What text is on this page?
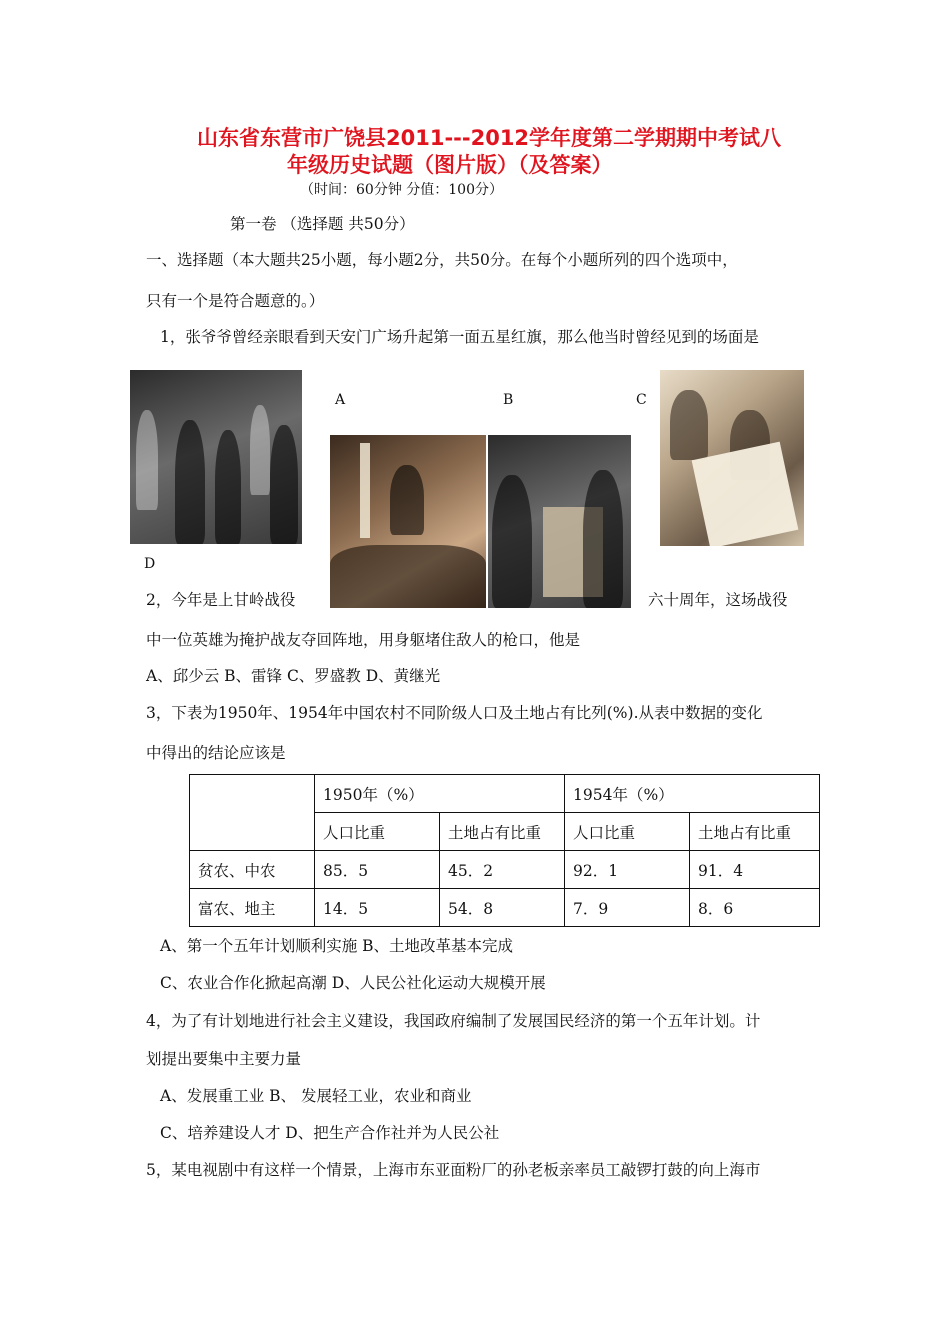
山东省东营市广饶县2011---2012学年度第二学期期中考试八
年级历史试题（图片版）（及答案）
（时间：60分钟 分值：100分）
第一卷 （选择题 共50分）
一、选择题（本大题共25小题，每小题2分，共50分。在每个小题所列的四个选项中，
只有一个是符合题意的。）
1，张爷爷曾经亲眼看到天安门广场升起第一面五星红旗，那么他当时曾经见到的场面是
A	B	C
D
2，今年是上甘岭战役	六十周年，这场战役
中一位英雄为掩护战友夺回阵地，用身躯堵住敌人的枪口，他是
A、邱少云 B、雷锋 C、罗盛教 D、黄继光
3，下表为1950年、1954年中国农村不同阶级人口及土地占有比列(%).从表中数据的变化
中得出的结论应该是
	1950年（%）		1954年（%）	
	人口比重	土地占有比重	人口比重	土地占有比重
贫农、中农	85．5	45．2	92．1	91．4
富农、地主	14．5	54．8	7．9	8．6
A、第一个五年计划顺利实施 B、土地改革基本完成
C、农业合作化掀起高潮 D、人民公社化运动大规模开展
4，为了有计划地进行社会主义建设，我国政府编制了发展国民经济的第一个五年计划。计
划提出要集中主要力量
A、发展重工业 B、 发展轻工业，农业和商业
C、培养建设人才 D、把生产合作社并为人民公社
5，某电视剧中有这样一个情景，上海市东亚面粉厂的孙老板亲率员工敲锣打鼓的向上海市
